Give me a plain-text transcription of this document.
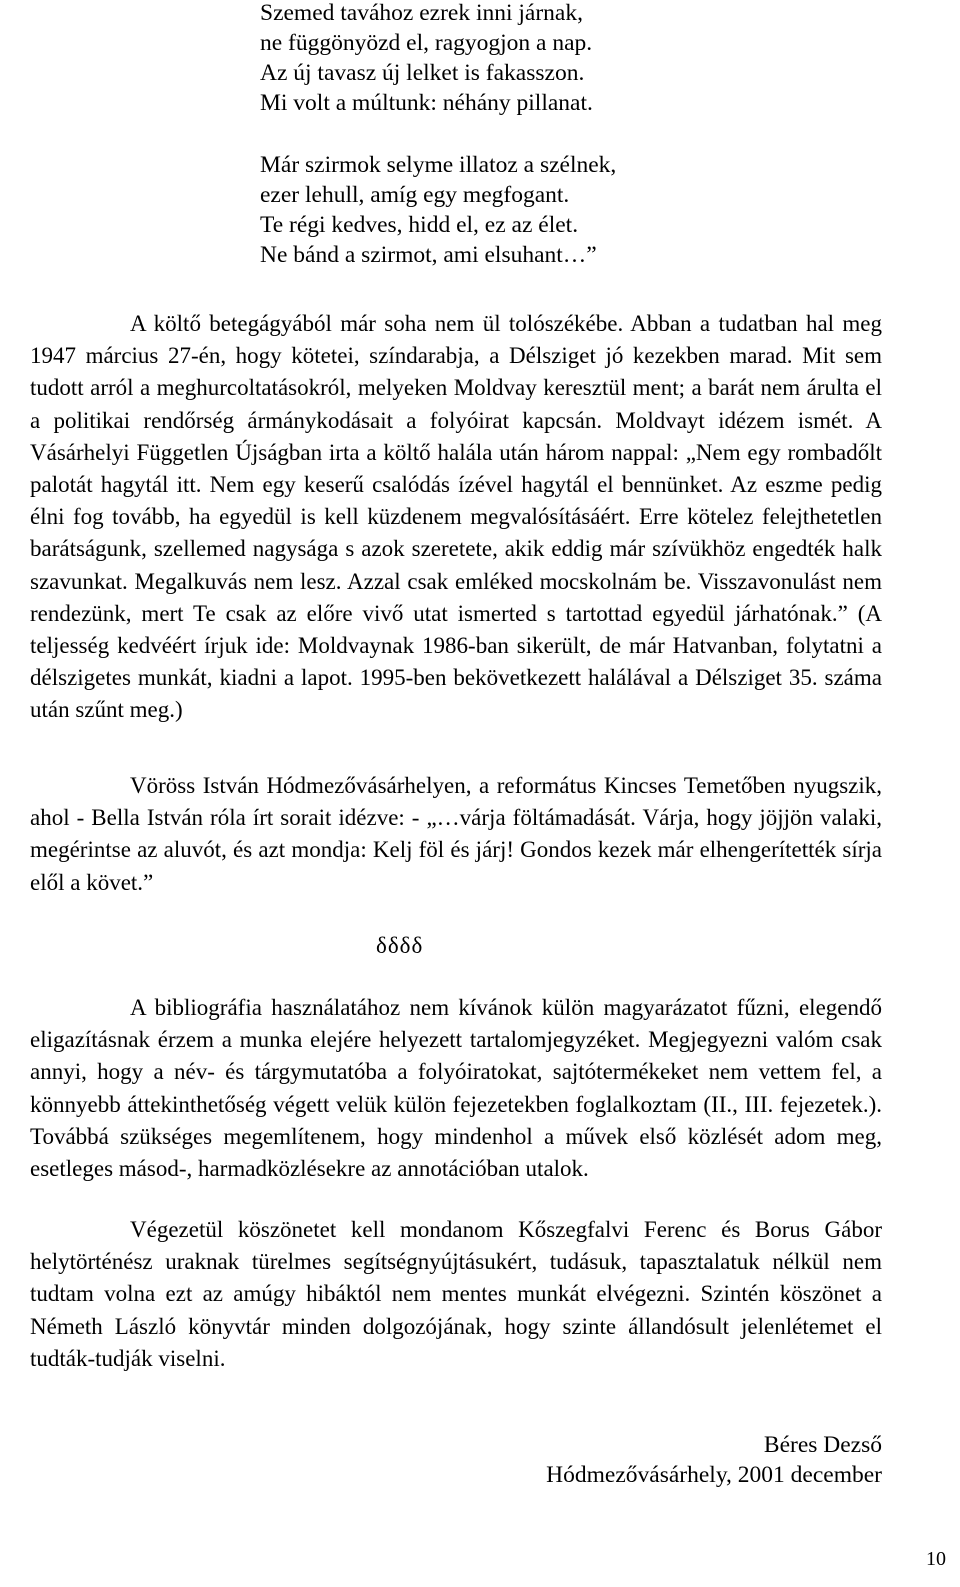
Szemed tavához ezrek inni járnak,
ne függönyözd el, ragyogjon a nap.
Az új tavasz új lelket is fakasszon.
Mi volt a múltunk: néhány pillanat.
Már szirmok selyme illatoz a szélnek,
ezer lehull, amíg egy megfogant.
Te régi kedves, hidd el, ez az élet.
Ne bánd a szirmot, ami elsuhant…”

A költő betegágyából már soha nem ül tolószékébe. Abban a tudatban hal meg 1947 március 27-én, hogy kötetei, színdarabja, a Délsziget jó kezekben marad. Mit sem tudott arról a meghurcoltatásokról, melyeken Moldvay keresztül ment; a barát nem árulta el a politikai rendőrség ármánykodásait a folyóirat kapcsán. Moldvayt idézem ismét. A Vásárhelyi Független Újságban irta a költő halála után három nappal: „Nem egy rombadőlt palotát hagytál itt. Nem egy keserű csalódás ízével hagytál el bennünket. Az eszme pedig élni fog tovább, ha egyedül is kell küzdenem megvalósításáért. Erre kötelez felejthetetlen barátságunk, szellemed nagysága s azok szeretete, akik eddig már szívükhöz engedték halk szavunkat. Megalkuvás nem lesz. Azzal csak emléked mocskolnám be. Visszavonulást nem rendezünk, mert Te csak az előre vivő utat ismerted s tartottad egyedül járhatónak.” (A teljesség kedvéért írjuk ide: Moldvaynak 1986-ban sikerült, de már Hatvanban, folytatni a délszigetes munkát, kiadni a lapot. 1995-ben bekövetkezett halálával a Délsziget 35. száma után szűnt meg.)

Vöröss István Hódmezővásárhelyen, a református Kincses Temetőben nyugszik, ahol - Bella István róla írt sorait idézve: - „…várja föltámadását. Várja, hogy jöjjön valaki, megérintse az aluvót, és azt mondja: Kelj föl és járj! Gondos kezek már elhengerítették sírja elől a követ.”

δδδδ

A bibliográfia használatához nem kívánok külön magyarázatot fűzni, elegendő eligazításnak érzem a munka elejére helyezett tartalomjegyzéket. Megjegyezni valóm csak annyi, hogy a név- és tárgymutatóba a folyóiratokat, sajtótermékeket nem vettem fel, a könnyebb áttekinthetőség végett velük külön fejezetekben foglalkoztam (II., III. fejezetek.). Továbbá szükséges megemlítenem, hogy mindenhol a művek első közlését adom meg, esetleges másod-, harmadközlésekre az annotációban utalok.

Végezetül köszönetet kell mondanom Kőszegfalvi Ferenc és Borus Gábor helytörténész uraknak türelmes segítségnyújtásukért, tudásuk, tapasztalatuk nélkül nem tudtam volna ezt az amúgy hibáktól nem mentes munkát elvégezni. Szintén köszönet a Németh László könyvtár minden dolgozójának, hogy szinte állandósult jelenlétemet el tudták-tudják viselni.

Béres Dezső
Hódmezővásárhely, 2001 december
10
